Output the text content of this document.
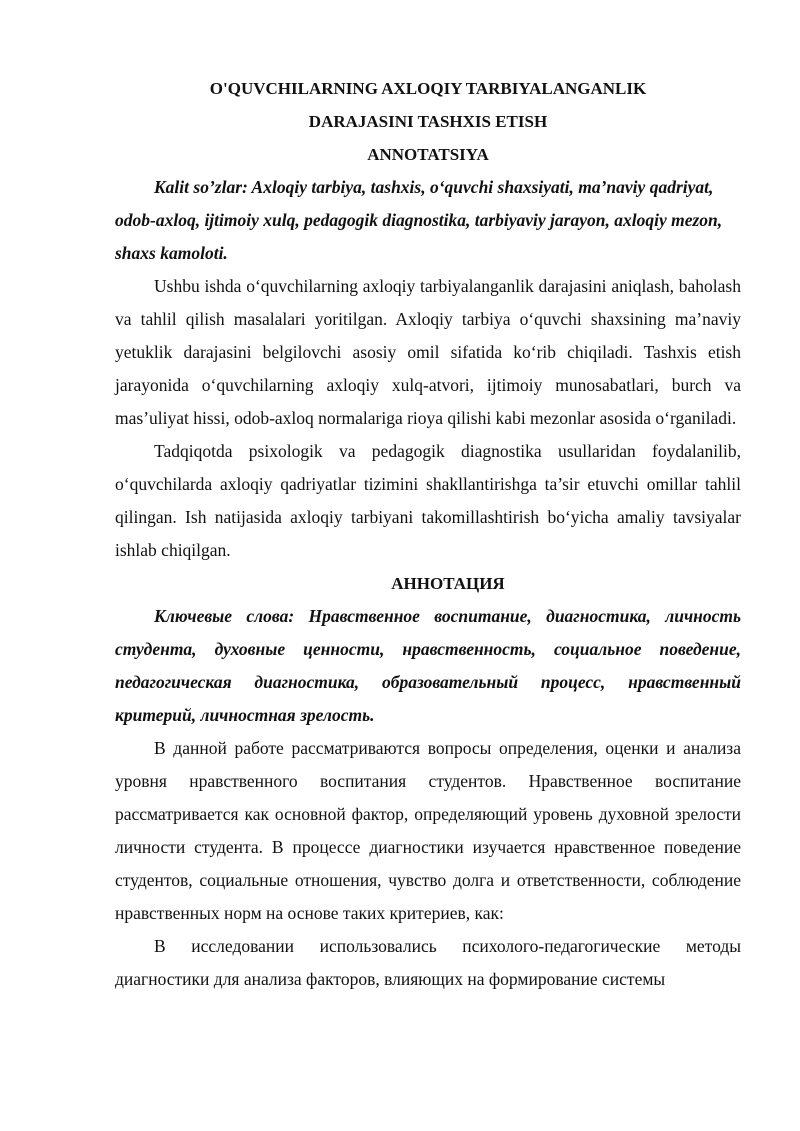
O'QUVCHILARNING AXLOQIY TARBIYALANGANLIK
DARAJASINI TASHXIS ETISH
ANNOTATSIYA

Kalit so’zlar: Axloqiy tarbiya, tashxis, o‘quvchi shaxsiyati, ma’naviy qadriyat, odob-axloq, ijtimoiy xulq, pedagogik diagnostika, tarbiyaviy jarayon, axloqiy mezon, shaxs kamoloti.

Ushbu ishda o‘quvchilarning axloqiy tarbiyalanganlik darajasini aniqlash, baholash va tahlil qilish masalalari yoritilgan. Axloqiy tarbiya o‘quvchi shaxsining ma’naviy yetuklik darajasini belgilovchi asosiy omil sifatida ko‘rib chiqiladi. Tashxis etish jarayonida o‘quvchilarning axloqiy xulq-atvori, ijtimoiy munosabatlari, burch va mas’uliyat hissi, odob-axloq normalariga rioya qilishi kabi mezonlar asosida o‘rganiladi.

Tadqiqotda psixologik va pedagogik diagnostika usullaridan foydalanilib, o‘quvchilarda axloqiy qadriyatlar tizimini shakllantirishga ta’sir etuvchi omillar tahlil qilingan. Ish natijasida axloqiy tarbiyani takomillashtirish bo‘yicha amaliy tavsiyalar ishlab chiqilgan.

АННОТАЦИЯ

Ключевые слова: Нравственное воспитание, диагностика, личность студента, духовные ценности, нравственность, социальное поведение, педагогическая диагностика, образовательный процесс, нравственный критерий, личностная зрелость.

В данной работе рассматриваются вопросы определения, оценки и анализа уровня нравственного воспитания студентов. Нравственное воспитание рассматривается как основной фактор, определяющий уровень духовной зрелости личности студента. В процессе диагностики изучается нравственное поведение студентов, социальные отношения, чувство долга и ответственности, соблюдение нравственных норм на основе таких критериев, как:

В исследовании использовались психолого-педагогические методы диагностики для анализа факторов, влияющих на формирование системы
